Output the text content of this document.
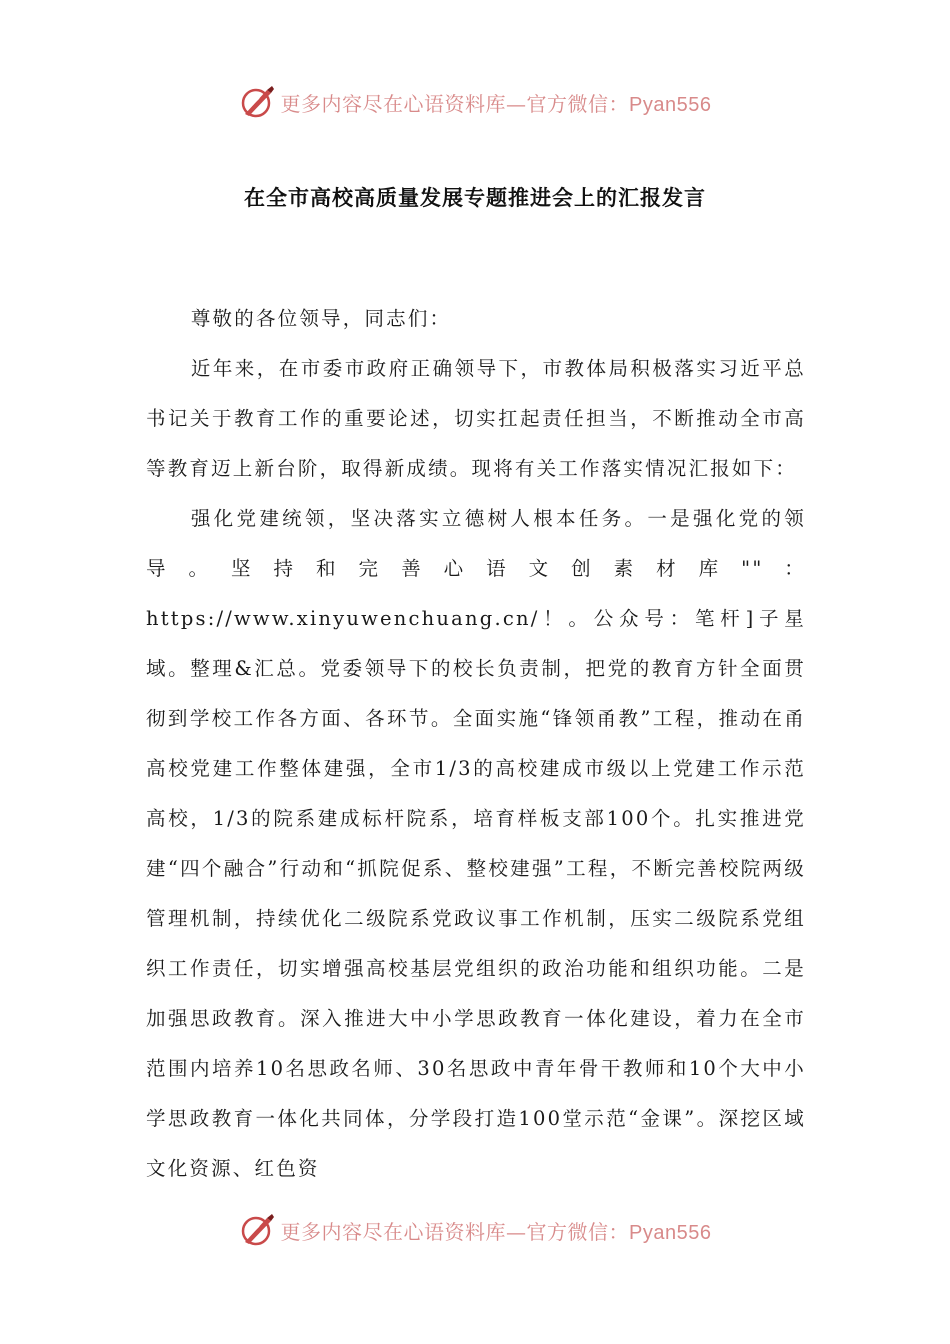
更多内容尽在心语资料库—官方微信：Pyan556
在全市高校高质量发展专题推进会上的汇报发言

尊敬的各位领导，同志们：

近年来，在市委市政府正确领导下，市教体局积极落实习近平总书记关于教育工作的重要论述，切实扛起责任担当，不断推动全市高等教育迈上新台阶，取得新成绩。现将有关工作落实情况汇报如下：

强化党建统领，坚决落实立德树人根本任务。一是强化党的领导。坚持和完善心语文创素材库""：https://www.xinyuwenchuang.cn/！。公众号：笔杆]子星域。整理&汇总。党委领导下的校长负责制，把党的教育方针全面贯彻到学校工作各方面、各环节。全面实施“锋领甬教”工程，推动在甬高校党建工作整体建强，全市1/3的高校建成市级以上党建工作示范高校，1/3的院系建成标杆院系，培育样板支部100个。扎实推进党建“四个融合”行动和“抓院促系、整校建强”工程，不断完善校院两级管理机制，持续优化二级院系党政议事工作机制，压实二级院系党组织工作责任，切实增强高校基层党组织的政治功能和组织功能。二是加强思政教育。深入推进大中小学思政教育一体化建设，着力在全市范围内培养10名思政名师、30名思政中青年骨干教师和10个大中小学思政教育一体化共同体，分学段打造100堂示范“金课”。深挖区域文化资源、红色资

更多内容尽在心语资料库—官方微信：Pyan556
